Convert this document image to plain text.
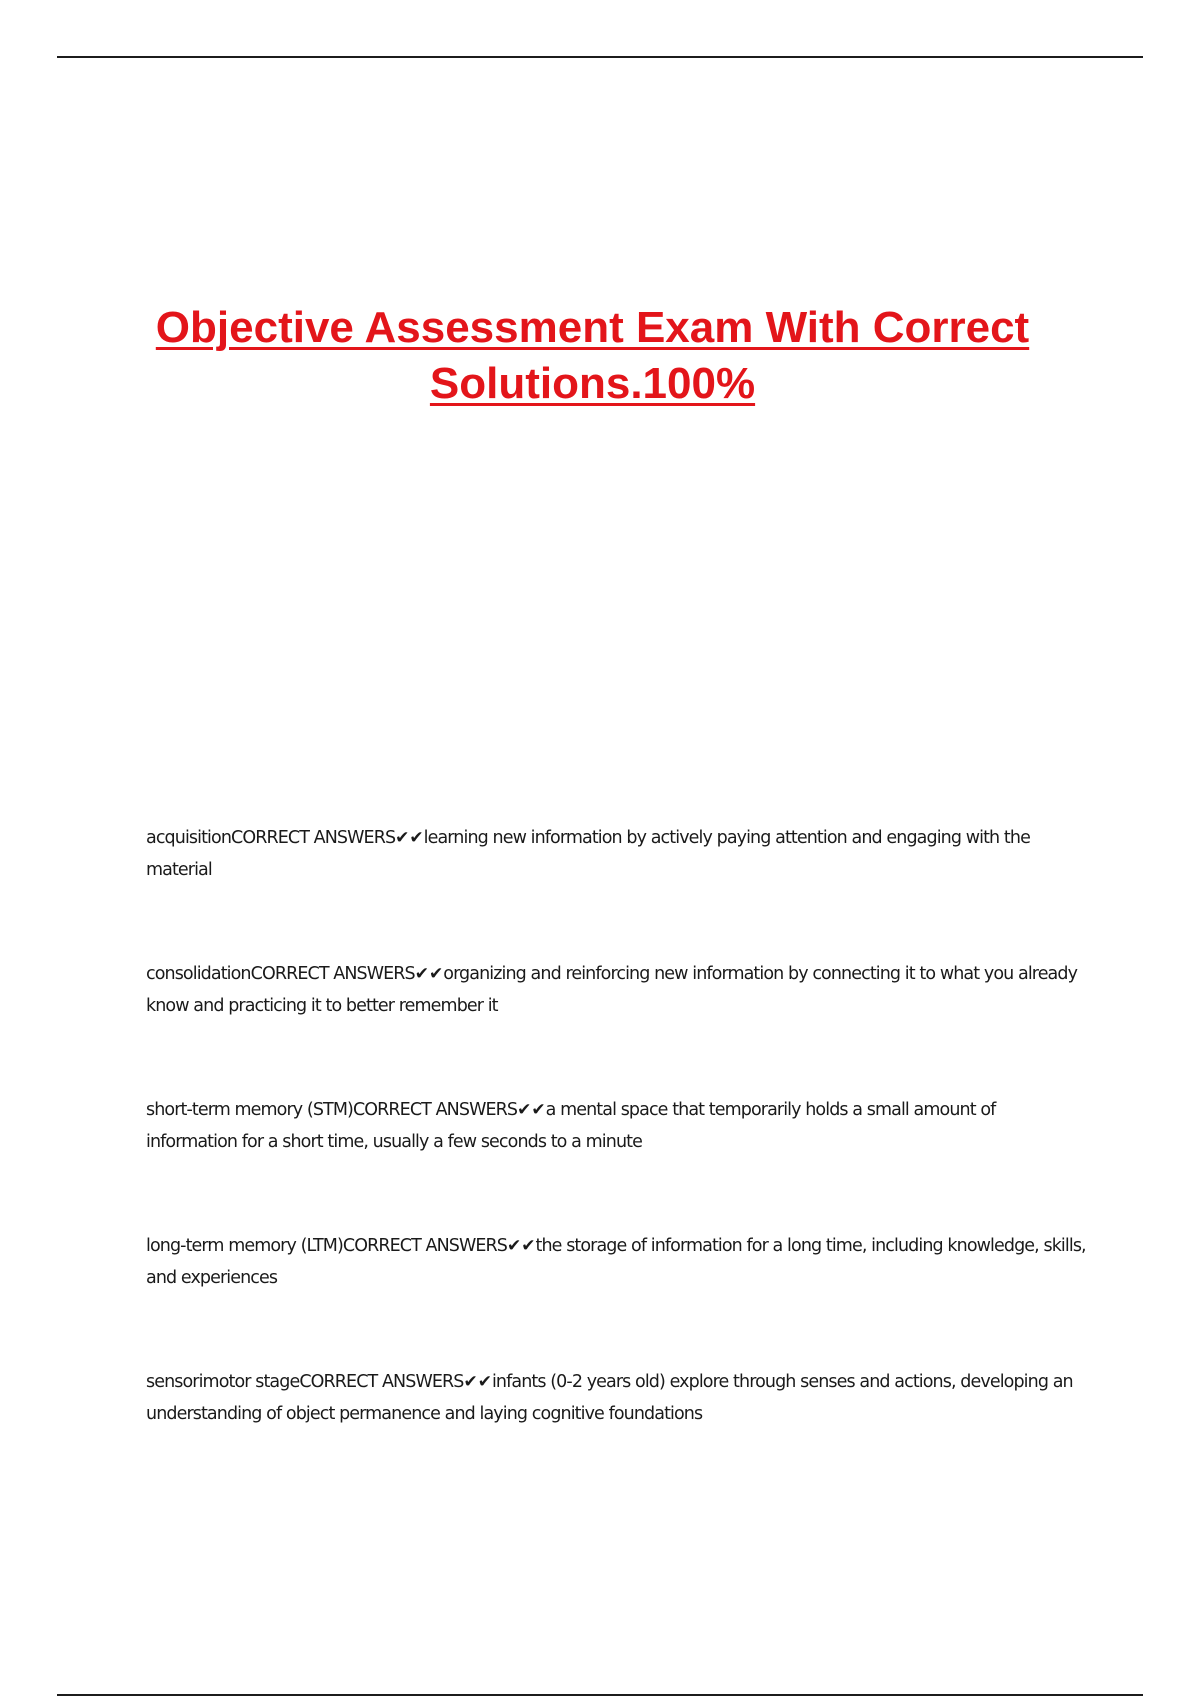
Objective Assessment Exam With Correct Solutions.100%
acquisitionCORRECT ANSWERS✔✔learning new information by actively paying attention and engaging with the material
consolidationCORRECT ANSWERS✔✔organizing and reinforcing new information by connecting it to what you already know and practicing it to better remember it
short-term memory (STM)CORRECT ANSWERS✔✔a mental space that temporarily holds a small amount of information for a short time, usually a few seconds to a minute
long-term memory (LTM)CORRECT ANSWERS✔✔the storage of information for a long time, including knowledge, skills, and experiences
sensorimotor stageCORRECT ANSWERS✔✔infants (0-2 years old) explore through senses and actions, developing an understanding of object permanence and laying cognitive foundations
